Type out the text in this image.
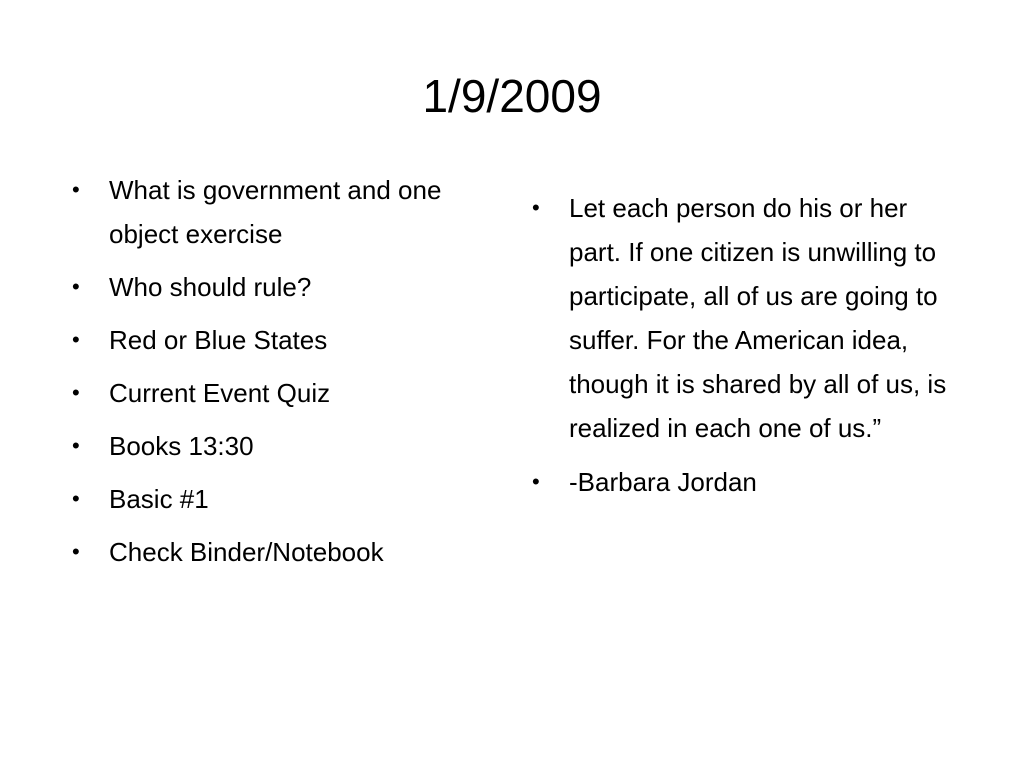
1/9/2009
•	What is government and one object exercise
•	Who should rule?
•	Red or Blue States
•	Current Event Quiz
•	Books 13:30
•	Basic #1
•	Check Binder/Notebook
•	Let each person do his or her part. If one citizen is unwilling to participate, all of us are going to suffer. For the American idea, though it is shared by all of us, is realized in each one of us.”
•	-Barbara Jordan
